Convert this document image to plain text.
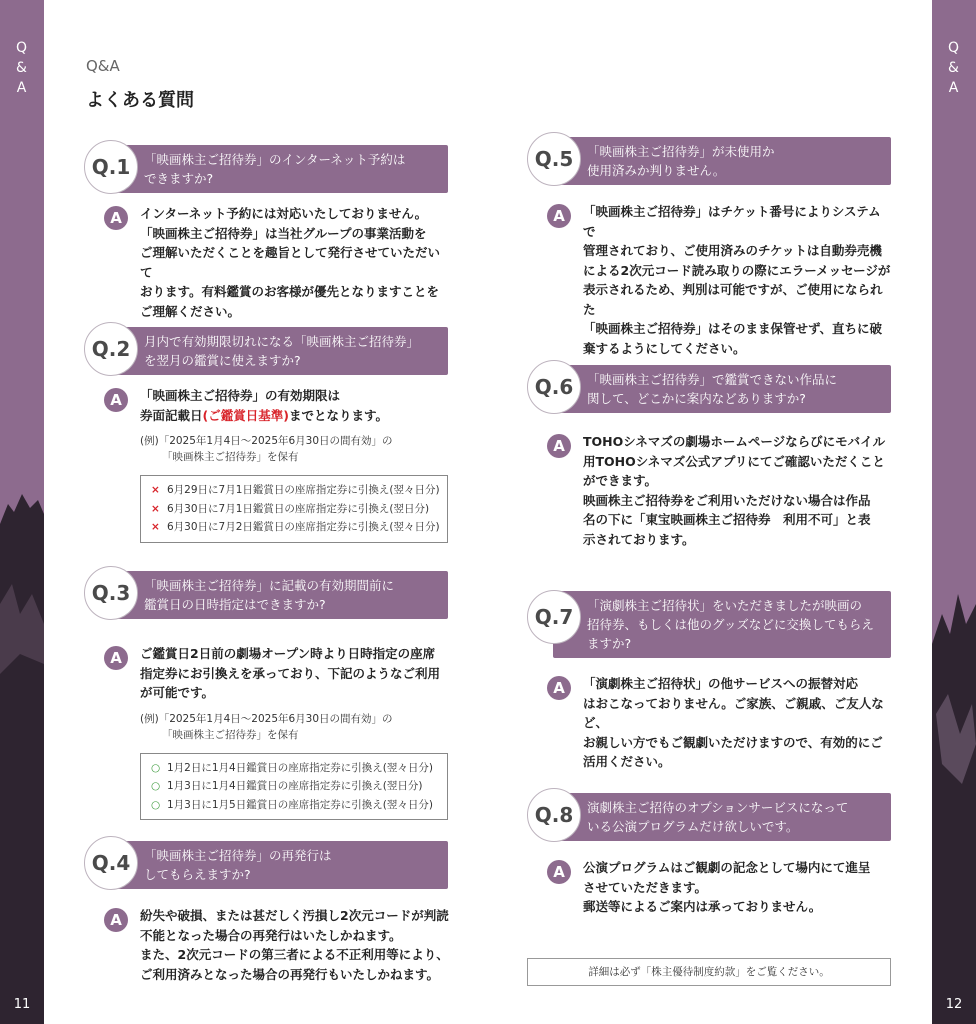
Q
&
A
11
Q
&
A
12
Q&A
よくある質問
Q.1	「映画株主ご招待券」のインターネット予約は
できますか?
A	インターネット予約には対応いたしておりません。

「映画株主ご招待券」は当社グループの事業活動を

ご理解いただくことを趣旨として発行させていただいて

おります。有料鑑賞のお客様が優先となりますことを

ご理解ください。

Q.2	月内で有効期限切れになる「映画株主ご招待券」
を翌月の鑑賞に使えますか?
A	「映画株主ご招待券」の有効期限は

券面記載日(ご鑑賞日基準)までとなります。

(例)「2025年1月4日～2025年6月30日の間有効」の
「映画株主ご招待券」を保有
× 6月29日に7月1日鑑賞日の座席指定券に引換え(翌々日分)
× 6月30日に7月1日鑑賞日の座席指定券に引換え(翌日分)
× 6月30日に7月2日鑑賞日の座席指定券に引換え(翌々日分)
Q.3	「映画株主ご招待券」に記載の有効期間前に
鑑賞日の日時指定はできますか?
A	ご鑑賞日2日前の劇場オープン時より日時指定の座席

指定券にお引換えを承っており、下記のようなご利用

が可能です。

(例)「2025年1月4日～2025年6月30日の間有効」の
「映画株主ご招待券」を保有
○ 1月2日に1月4日鑑賞日の座席指定券に引換え(翌々日分)
○ 1月3日に1月4日鑑賞日の座席指定券に引換え(翌日分)
○ 1月3日に1月5日鑑賞日の座席指定券に引換え(翌々日分)
Q.4	「映画株主ご招待券」の再発行は
してもらえますか?
A	紛失や破損、または甚だしく汚損し2次元コードが判読

不能となった場合の再発行はいたしかねます。

また、2次元コードの第三者による不正利用等により、

ご利用済みとなった場合の再発行もいたしかねます。

Q.5	「映画株主ご招待券」が未使用か
使用済みか判りません。
A	「映画株主ご招待券」はチケット番号によりシステムで

管理されており、ご使用済みのチケットは自動券売機

による2次元コード読み取りの際にエラーメッセージが

表示されるため、判別は可能ですが、ご使用になられた

「映画株主ご招待券」はそのまま保管せず、直ちに破

棄するようにしてください。

Q.6	「映画株主ご招待券」で鑑賞できない作品に
関して、どこかに案内などありますか?
A	TOHOシネマズの劇場ホームページならびにモバイル

用TOHOシネマズ公式アプリにてご確認いただくこと

ができます。

映画株主ご招待券をご利用いただけない場合は作品

名の下に「東宝映画株主ご招待券　利用不可」と表

示されております。

Q.7	「演劇株主ご招待状」をいただきましたが映画の
招待券、もしくは他のグッズなどに交換してもらえ
ますか?
A	「演劇株主ご招待状」の他サービスへの振替対応

はおこなっておりません。ご家族、ご親戚、ご友人など、

お親しい方でもご観劇いただけますので、有効的にご

活用ください。

Q.8	演劇株主ご招待のオプションサービスになって
いる公演プログラムだけ欲しいです。
A	公演プログラムはご観劇の記念として場内にて進呈

させていただきます。

郵送等によるご案内は承っておりません。

詳細は必ず「株主優待制度約款」をご覧ください。
